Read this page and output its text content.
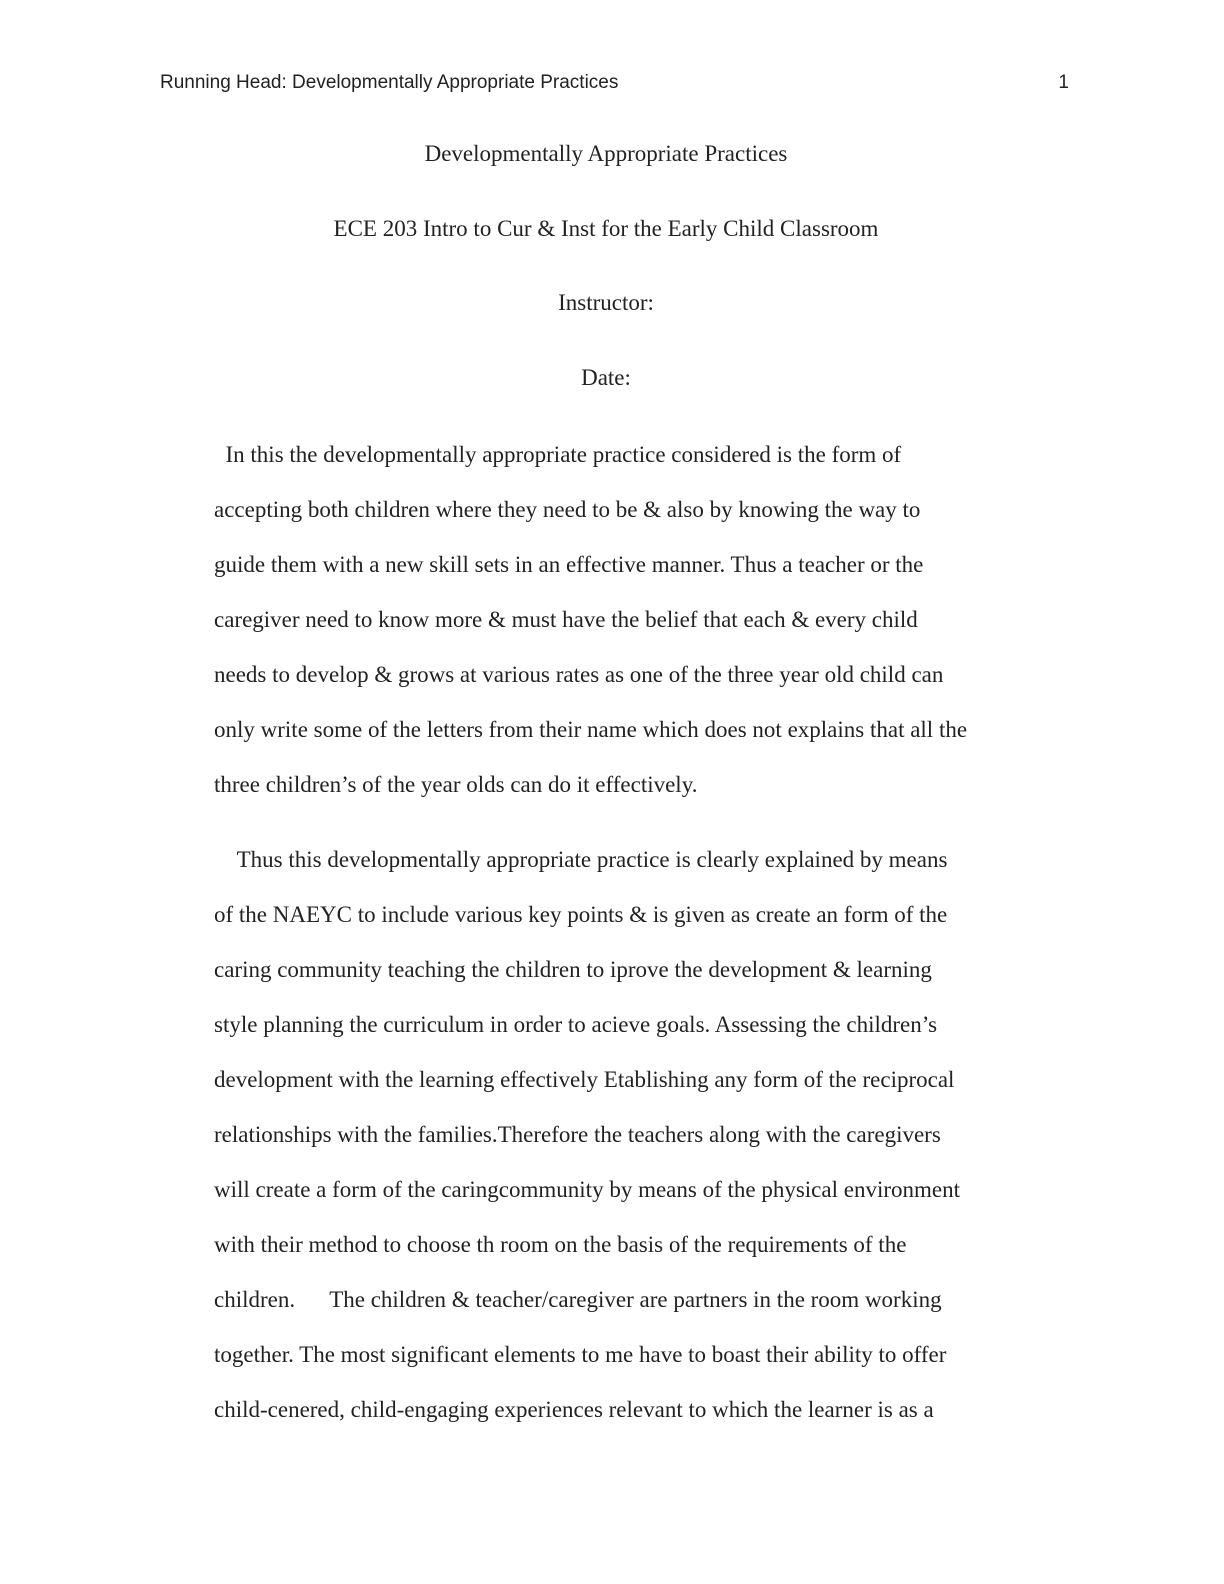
Running Head: Developmentally Appropriate Practices	1
Developmentally Appropriate Practices
ECE 203 Intro to Cur & Inst for the Early Child Classroom
Instructor:
Date:
In this the developmentally appropriate practice considered is the form of
accepting both children where they need to be & also by knowing the way to
guide them with a new skill sets in an effective manner. Thus a teacher or the
caregiver need to know more & must have the belief that each & every child
needs to develop & grows at various rates as one of the three year old child can
only write some of the letters from their name which does not explains that all the
three children’s of the year olds can do it effectively.
Thus this developmentally appropriate practice is clearly explained by means
of the NAEYC to include various key points & is given as create an form of the
caring community teaching the children to iprove the development & learning
style planning the curriculum in order to acieve goals. Assessing the children’s
development with the learning effectively Etablishing any form of the reciprocal
relationships with the families.Therefore the teachers along with the caregivers
will create a form of the caringcommunity by means of the physical environment
with their method to choose th room on the basis of the requirements of the
children.      The children & teacher/caregiver are partners in the room working
together. The most significant elements to me have to boast their ability to offer
child-cenered, child-engaging experiences relevant to which the learner is as a
